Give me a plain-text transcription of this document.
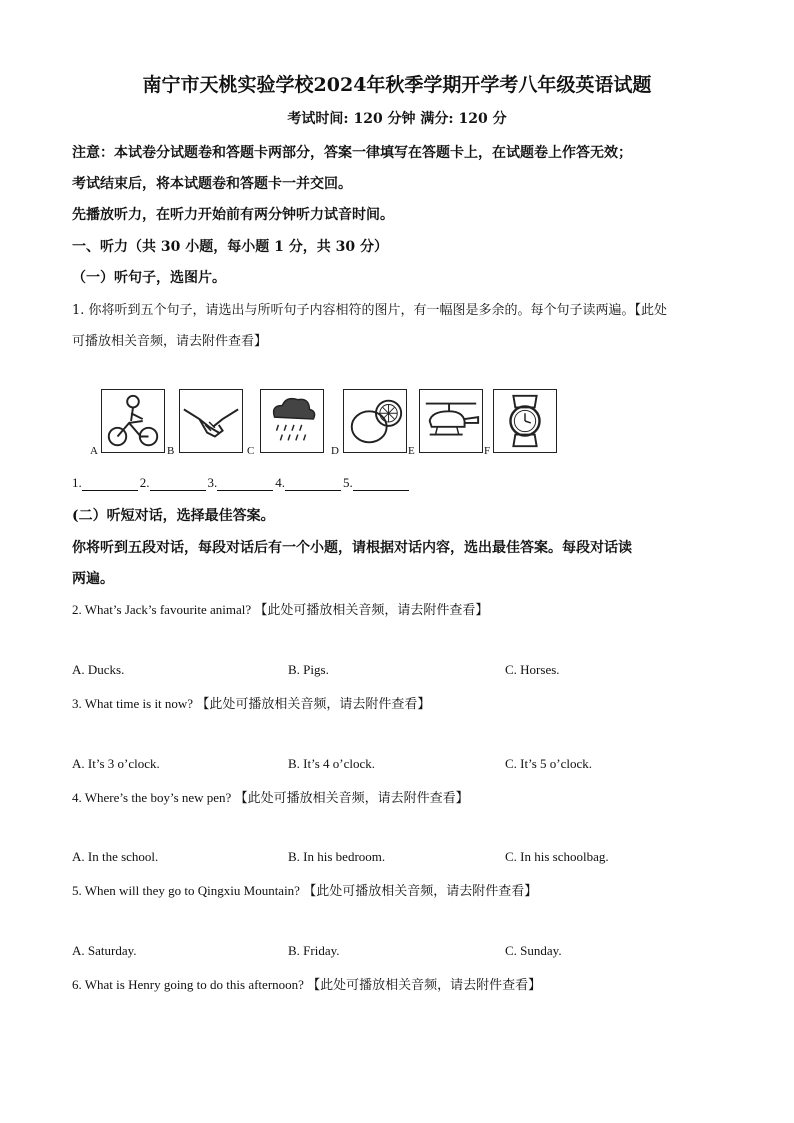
南宁市天桃实验学校2024年秋季学期开学考八年级英语试题
考试时间: 120 分钟 满分: 120 分
注意：本试卷分试题卷和答题卡两部分，答案一律填写在答题卡上，在试题卷上作答无效；
考试结束后，将本试题卷和答题卡一并交回。
先播放听力，在听力开始前有两分钟听力试音时间。
一、听力（共 30 小题，每小题 1 分，共 30 分）
（一）听句子，选图片。
1. 你将听到五个句子，请选出与所听句子内容相符的图片，有一幅图是多余的。每个句子读两遍。【此处
可播放相关音频，请去附件查看】
A	B	C	D	E	F
1.	2.	3.	4.	5.
(二）听短对话，选择最佳答案。
你将听到五段对话，每段对话后有一个小题，请根据对话内容，选出最佳答案。每段对话读
两遍。
2. What’s Jack’s favourite animal? 【此处可播放相关音频，请去附件查看】
A. Ducks.	B. Pigs.	C. Horses.
3. What time is it now? 【此处可播放相关音频，请去附件查看】
A. It’s 3 o’clock.	B. It’s 4 o’clock.	C. It’s 5 o’clock.
4. Where’s the boy’s new pen? 【此处可播放相关音频，请去附件查看】
A. In the school.	B. In his bedroom.	C. In his schoolbag.
5. When will they go to Qingxiu Mountain? 【此处可播放相关音频，请去附件查看】
A. Saturday.	B. Friday.	C. Sunday.
6. What is Henry going to do this afternoon? 【此处可播放相关音频，请去附件查看】
